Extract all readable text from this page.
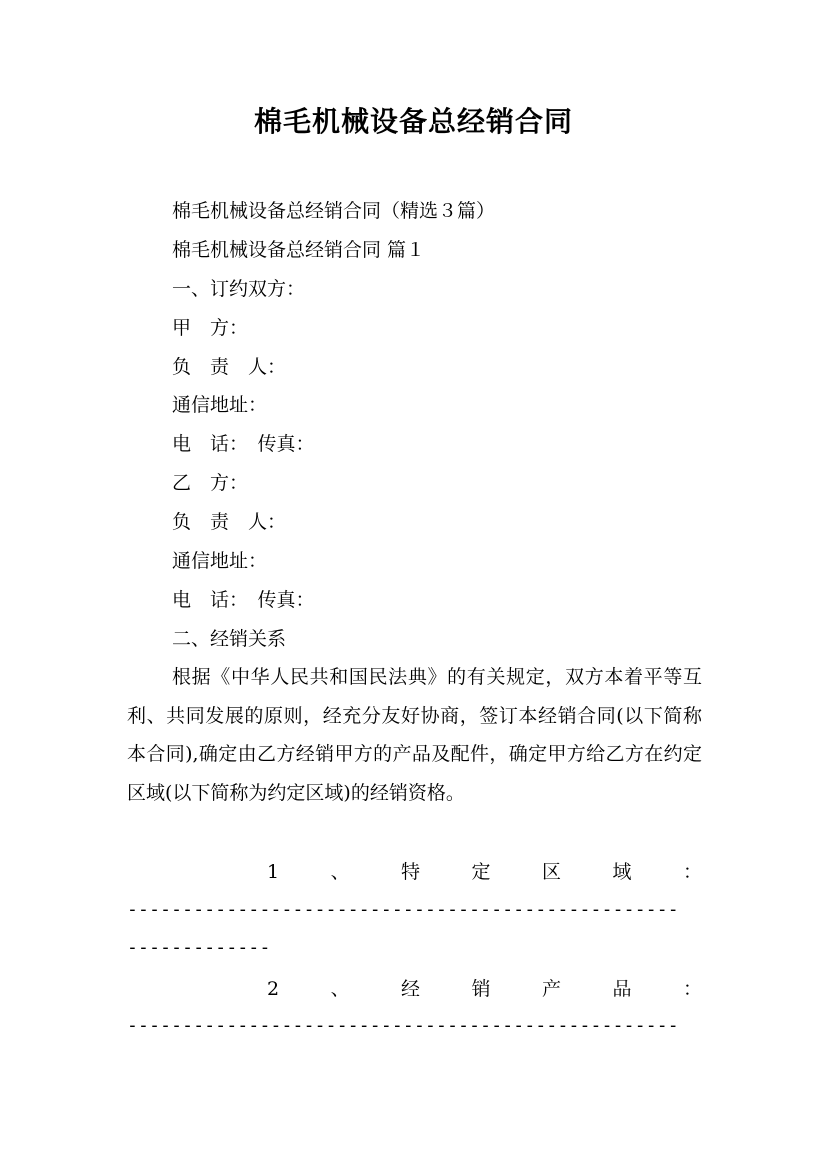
棉毛机械设备总经销合同
棉毛机械设备总经销合同（精选３篇）
棉毛机械设备总经销合同 篇１
一、订约双方：
甲　方：
负　责　人：
通信地址：
电　话：　传真：
乙　方：
负　责　人：
通信地址：
电　话：　传真：
二、经销关系
根据《中华人民共和国民法典》的有关规定，双方本着平等互利、共同发展的原则，经充分友好协商，签订本经销合同(以下简称本合同),确定由乙方经销甲方的产品及配件，确定甲方给乙方在约定区域(以下简称为约定区域)的经销资格。
1	、	特	定	区	域	：
--------------------------------------------------
-------------
2	、	经	销	产	品	：
--------------------------------------------------
